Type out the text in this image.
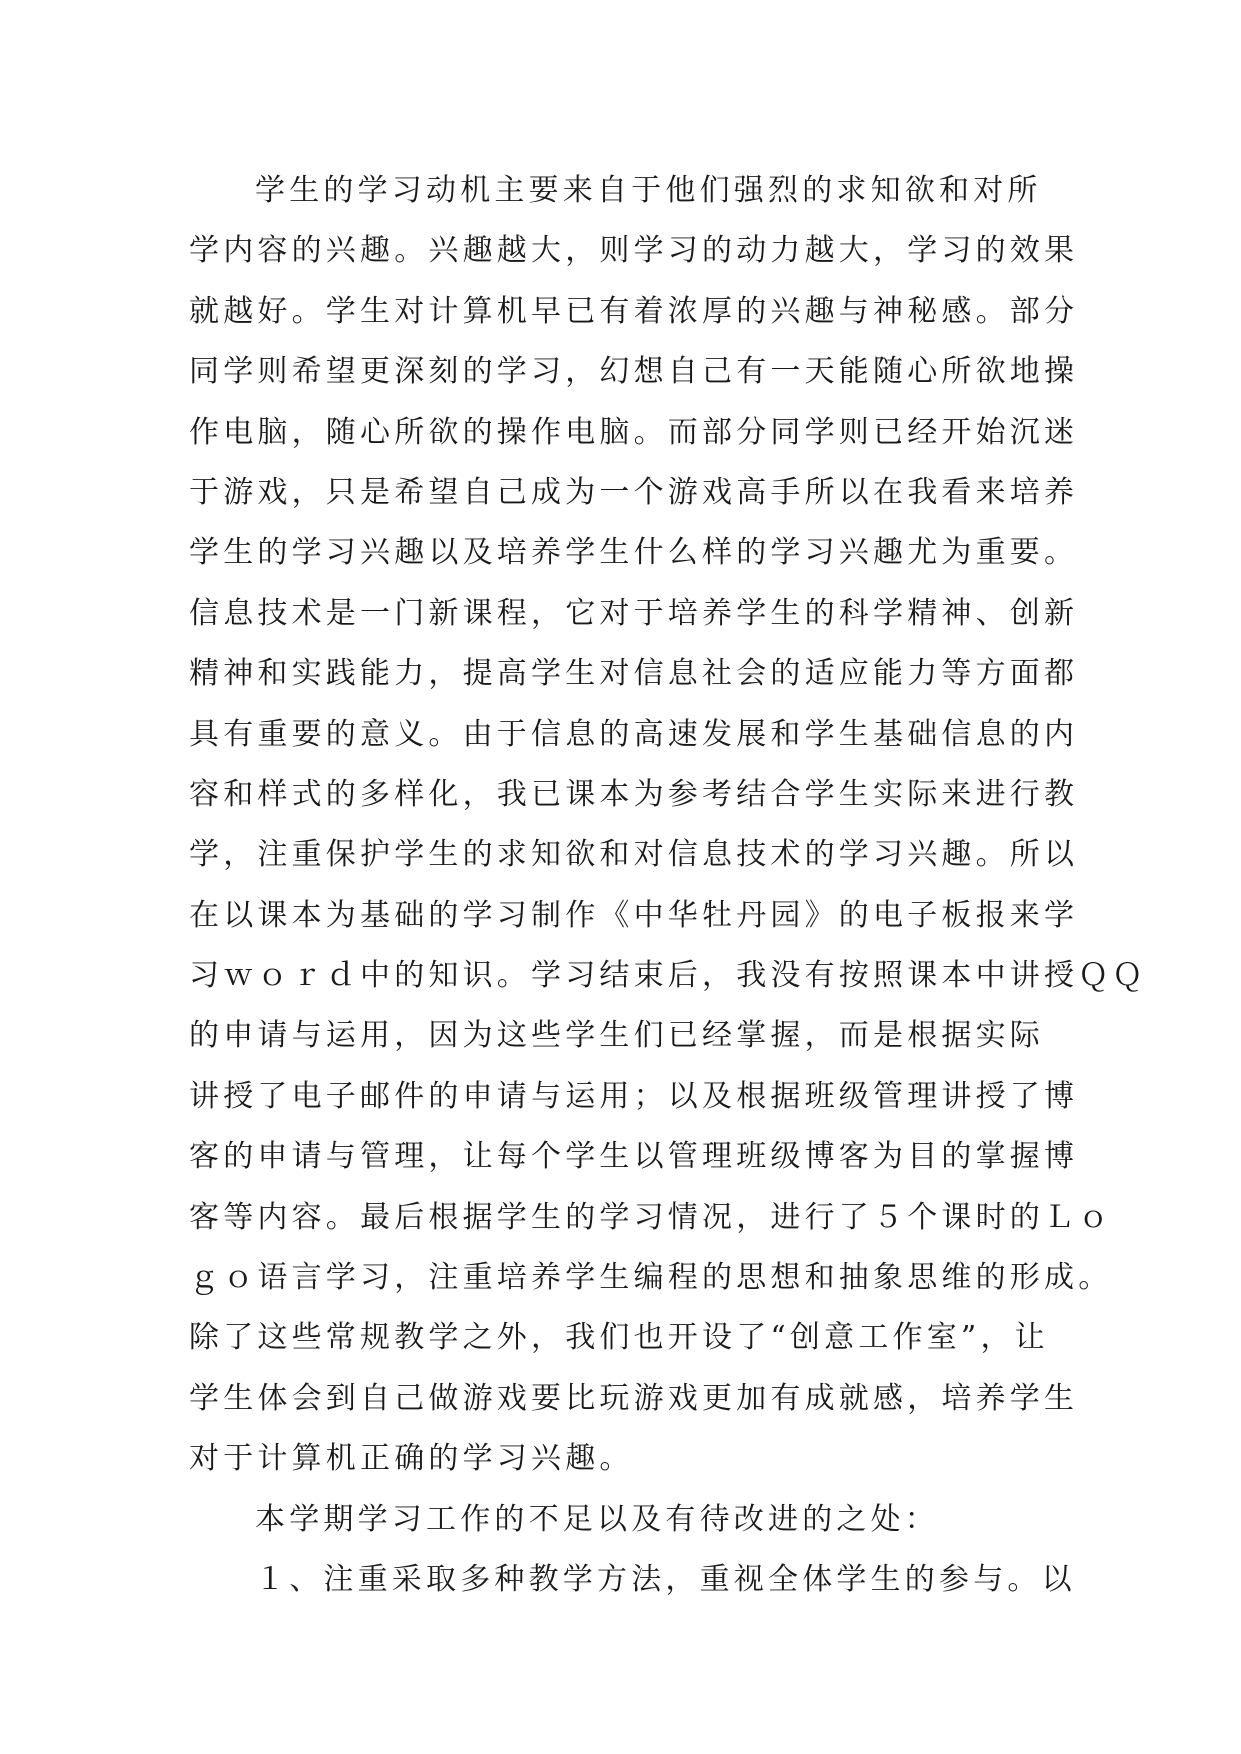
学生的学习动机主要来自于他们强烈的求知欲和对所
学内容的兴趣。兴趣越大，则学习的动力越大，学习的效果
就越好。学生对计算机早已有着浓厚的兴趣与神秘感。部分
同学则希望更深刻的学习，幻想自己有一天能随心所欲地操
作电脑，随心所欲的操作电脑。而部分同学则已经开始沉迷
于游戏，只是希望自己成为一个游戏高手所以在我看来培养
学生的学习兴趣以及培养学生什么样的学习兴趣尤为重要。
信息技术是一门新课程，它对于培养学生的科学精神、创新
精神和实践能力，提高学生对信息社会的适应能力等方面都
具有重要的意义。由于信息的高速发展和学生基础信息的内
容和样式的多样化，我已课本为参考结合学生实际来进行教
学，注重保护学生的求知欲和对信息技术的学习兴趣。所以
在以课本为基础的学习制作《中华牡丹园》的电子板报来学
习ｗｏｒｄ中的知识。学习结束后，我没有按照课本中讲授ＱＱ
的申请与运用，因为这些学生们已经掌握，而是根据实际
讲授了电子邮件的申请与运用；以及根据班级管理讲授了博
客的申请与管理，让每个学生以管理班级博客为目的掌握博
客等内容。最后根据学生的学习情况，进行了５个课时的Ｌｏ
ｇｏ语言学习，注重培养学生编程的思想和抽象思维的形成。
除了这些常规教学之外，我们也开设了“创意工作室”，让
学生体会到自己做游戏要比玩游戏更加有成就感，培养学生
对于计算机正确的学习兴趣。
本学期学习工作的不足以及有待改进的之处：
１、注重采取多种教学方法，重视全体学生的参与。以
